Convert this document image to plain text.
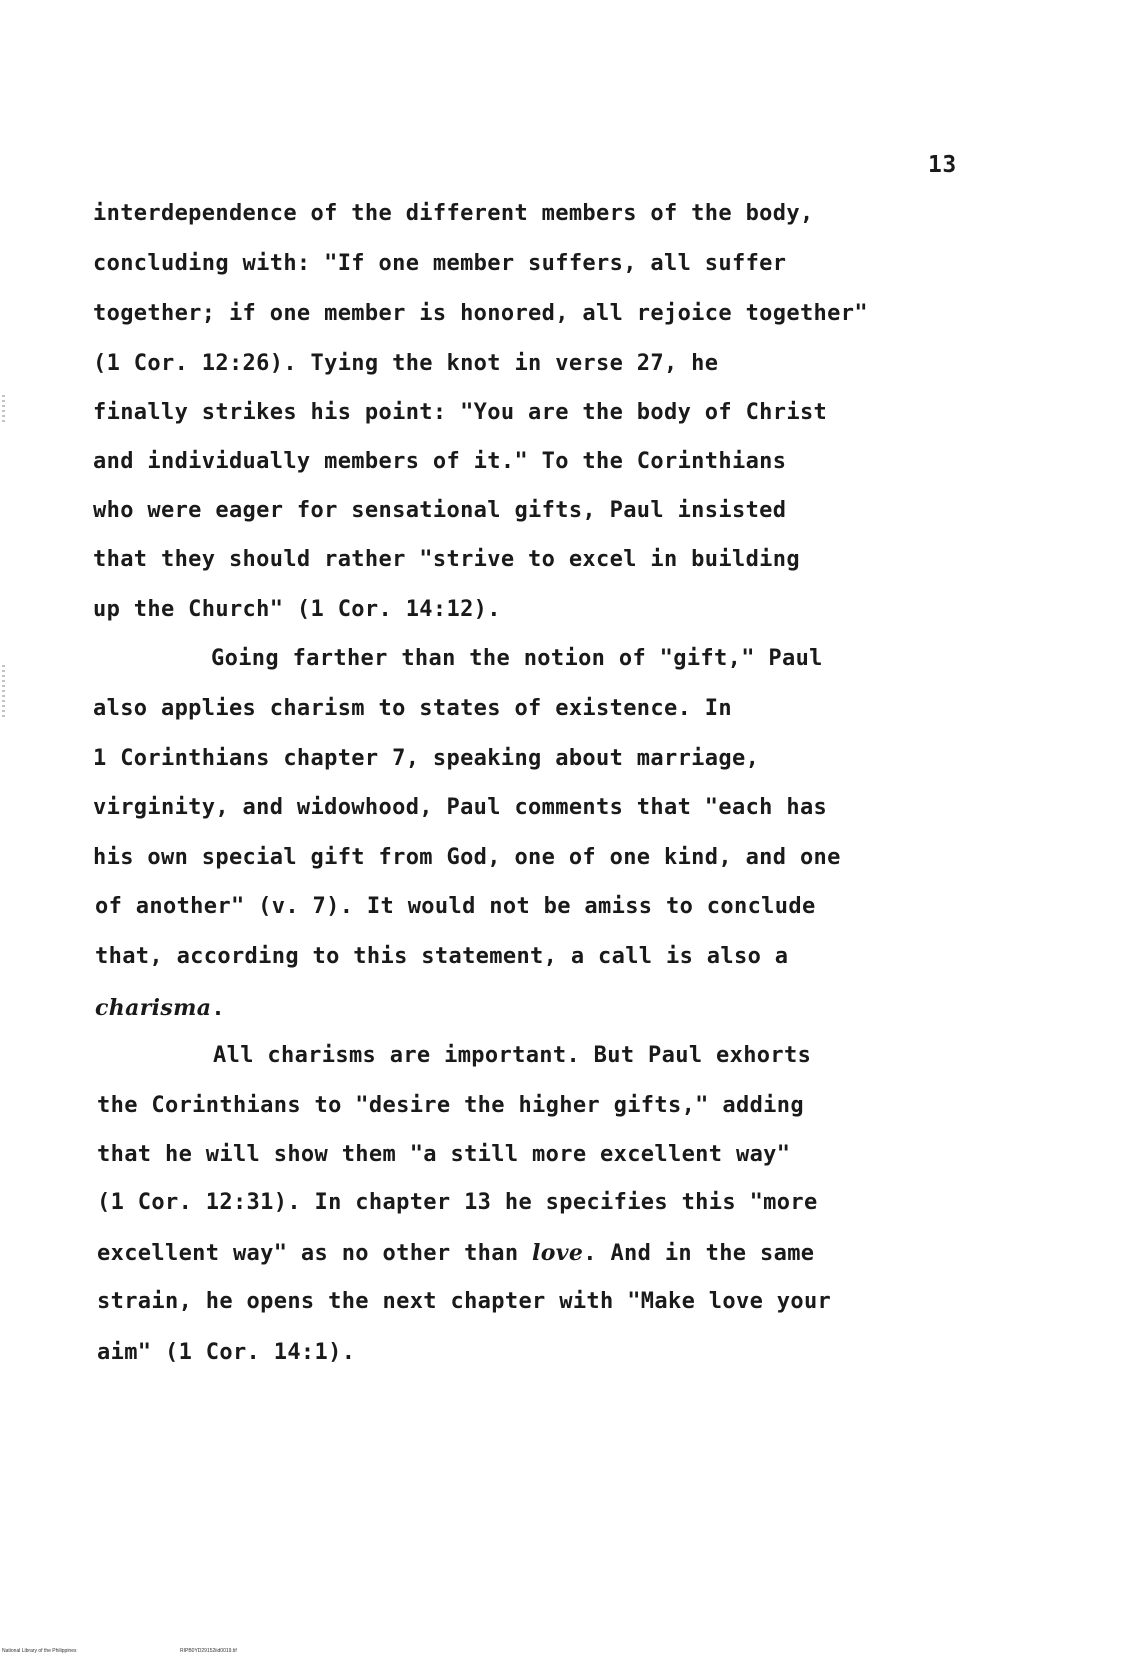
13
interdependence of the different members of the body,
concluding with: "If one member suffers, all suffer
together; if one member is honored, all rejoice together"
(1 Cor. 12:26). Tying the knot in verse 27, he
finally strikes his point: "You are the body of Christ
and individually members of it." To the Corinthians
who were eager for sensational gifts, Paul insisted
that they should rather "strive to excel in building
up the Church" (1 Cor. 14:12).
Going farther than the notion of "gift," Paul
also applies charism to states of existence. In
1 Corinthians chapter 7, speaking about marriage,
virginity, and widowhood, Paul comments that "each has
his own special gift from God, one of one kind, and one
of another" (v. 7). It would not be amiss to conclude
that, according to this statement, a call is also a
charisma.
All charisms are important. But Paul exhorts
the Corinthians to "desire the higher gifts," adding
that he will show them "a still more excellent way"
(1 Cor. 12:31). In chapter 13 he specifies this "more
excellent way" as no other than love. And in the same
strain, he opens the next chapter with "Make love your
aim" (1 Cor. 14:1).
National Library of the Philippines	RIPB0YD29152iid0019.tif
